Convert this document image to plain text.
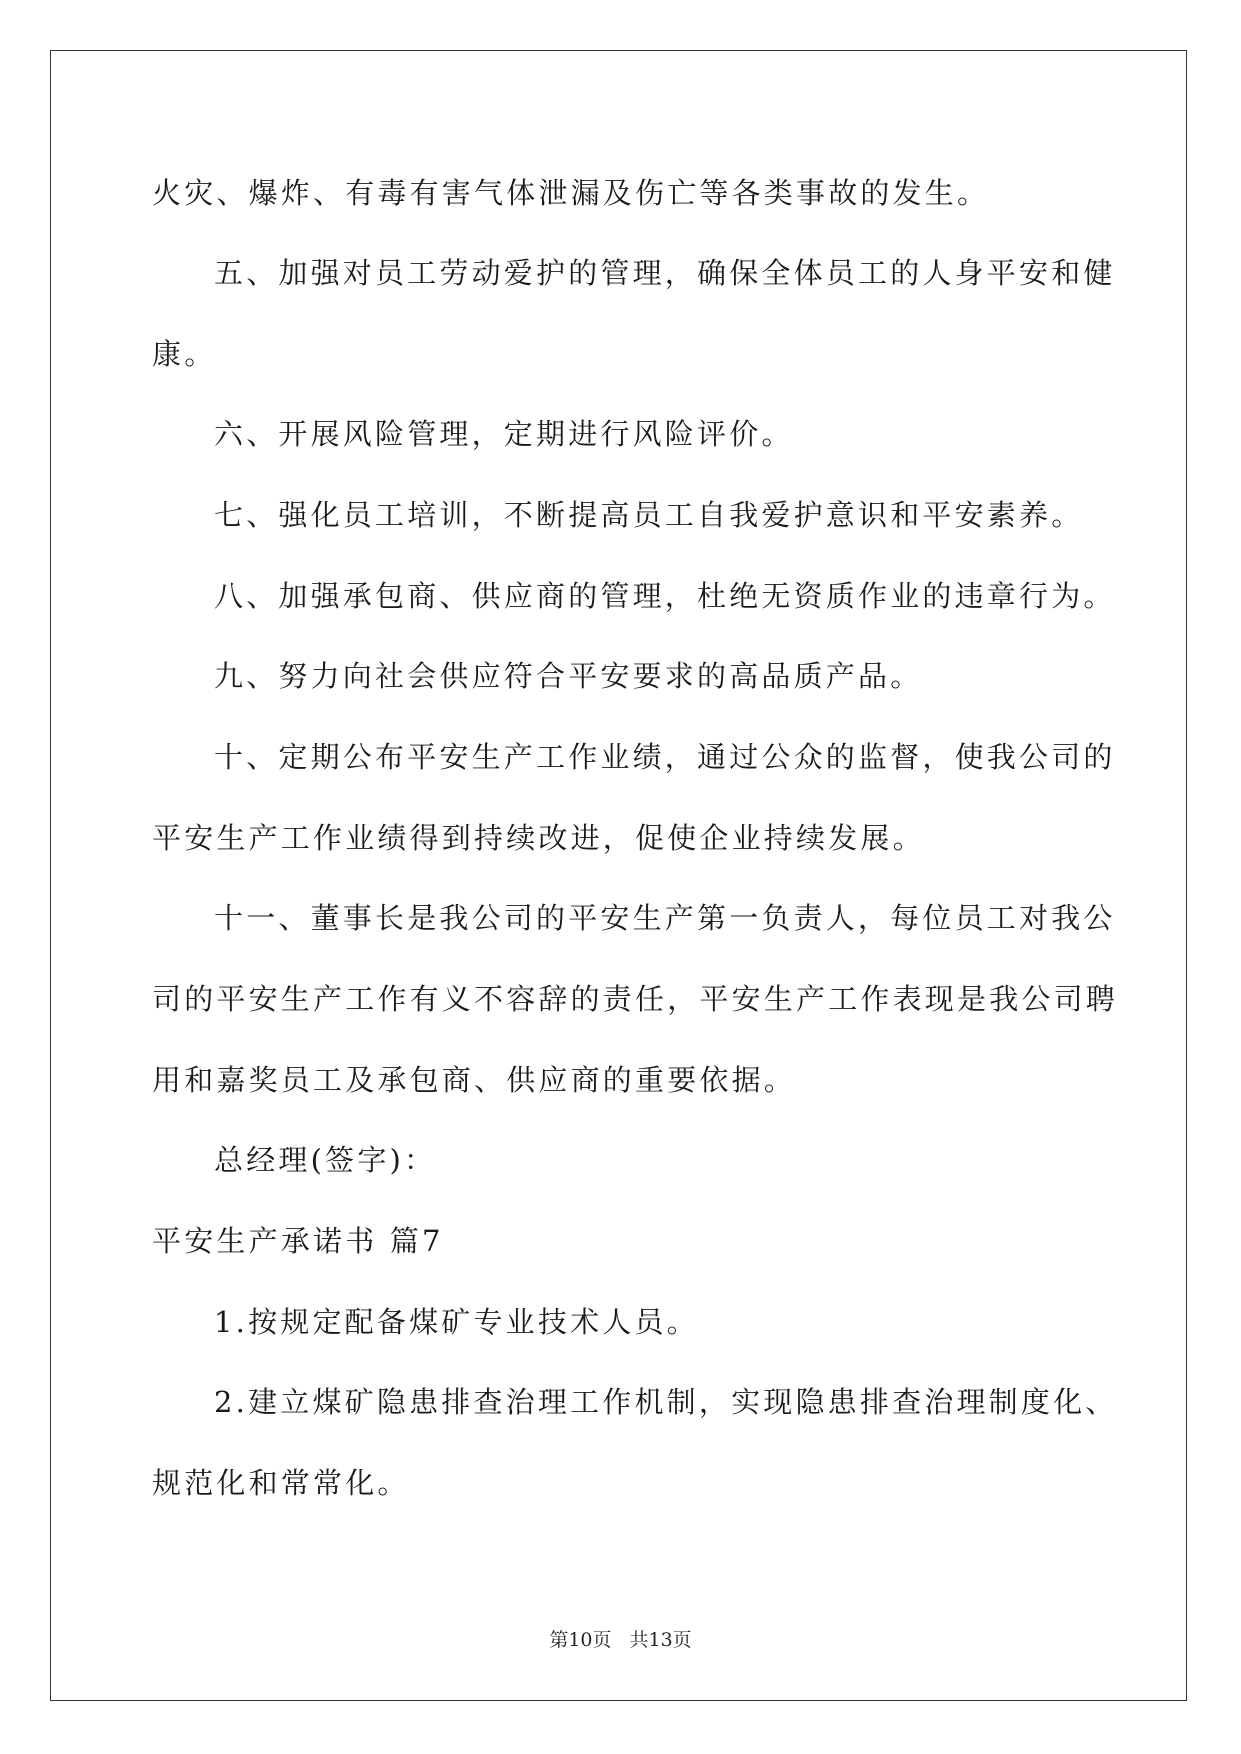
火灾、爆炸、有毒有害气体泄漏及伤亡等各类事故的发生。
五、加强对员工劳动爱护的管理，确保全体员工的人身平安和健
康。
六、开展风险管理，定期进行风险评价。
七、强化员工培训，不断提高员工自我爱护意识和平安素养。
八、加强承包商、供应商的管理，杜绝无资质作业的违章行为。
九、努力向社会供应符合平安要求的高品质产品。
十、定期公布平安生产工作业绩，通过公众的监督，使我公司的
平安生产工作业绩得到持续改进，促使企业持续发展。
十一、董事长是我公司的平安生产第一负责人，每位员工对我公
司的平安生产工作有义不容辞的责任，平安生产工作表现是我公司聘
用和嘉奖员工及承包商、供应商的重要依据。
总经理(签字)：
平安生产承诺书 篇7
1.按规定配备煤矿专业技术人员。
2.建立煤矿隐患排查治理工作机制，实现隐患排查治理制度化、
规范化和常常化。
第10页 共13页
